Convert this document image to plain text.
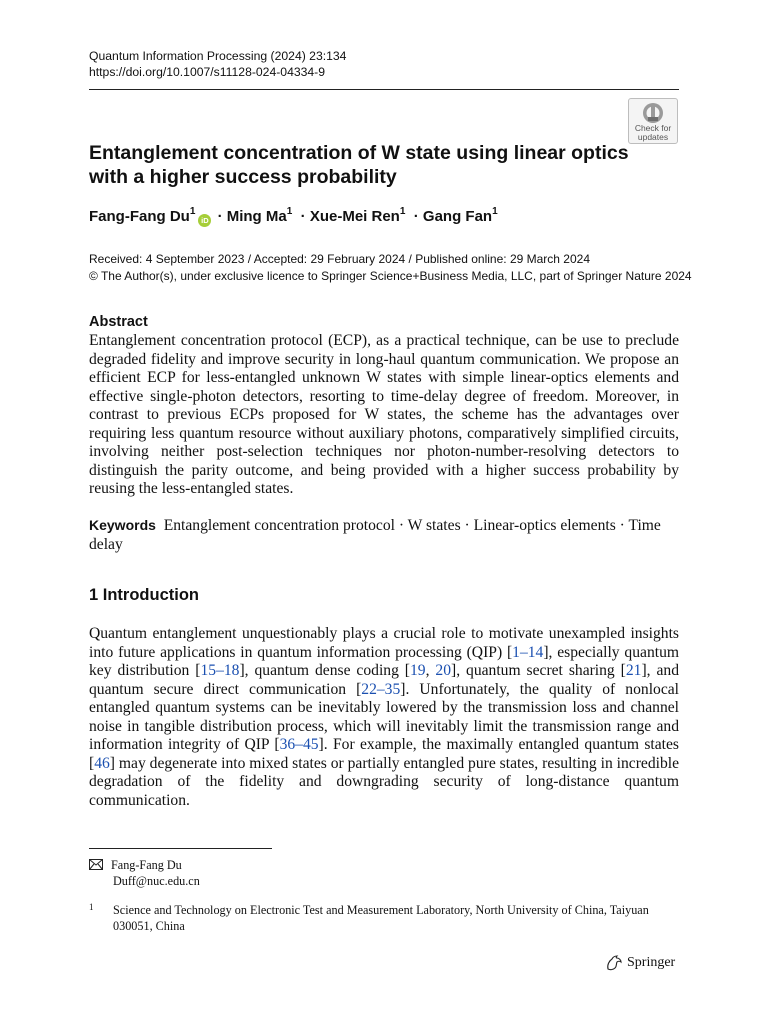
Quantum Information Processing (2024) 23:134
https://doi.org/10.1007/s11128-024-04334-9
Check for
updates
Entanglement concentration of W state using linear optics with a higher success probability
Fang-Fang $Du^1iD$ · Ming $Ma^1 \cdot Xue-Mei$ Ren$^1$ · Gang Fan$^1$
Received: 4 September 2023 / Accepted: 29 February 2024 / Published online: 29 March 2024
© The Author(s), under exclusive licence to Springer Science+Business Media, LLC, part of Springer Nature 2024
Abstract
Entanglement concentration protocol (ECP), as a practical technique, can be use to preclude degraded fidelity and improve security in long-haul quantum communication. We propose an efficient ECP for less-entangled unknown W states with simple linear-optics elements and effective single-photon detectors, resorting to time-delay degree of freedom. Moreover, in contrast to previous ECPs proposed for W states, the scheme has the advantages over requiring less quantum resource without auxiliary photons, comparatively simplified circuits, involving neither post-selection techniques nor photon-number-resolving detectors to distinguish the parity outcome, and being provided with a higher success probability by reusing the less-entangled states.
Keywords Entanglement concentration protocol · W states · Linear-optics elements · Time delay
1 Introduction
Quantum entanglement unquestionably plays a crucial role to motivate unexampled insights into future applications in quantum information processing (QIP) [1–14], especially quantum key distribution [15–18], quantum dense coding [19, 20], quantum secret sharing [21], and quantum secure direct communication [22–35]. Unfortunately, the quality of nonlocal entangled quantum systems can be inevitably lowered by the transmission loss and channel noise in tangible distribution process, which will inevitably limit the transmission range and information integrity of QIP [36–45]. For example, the maximally entangled quantum states [46] may degenerate into mixed states or partially entangled pure states, resulting in incredible degradation of the fidelity and downgrading security of long-distance quantum communication.
Fang-Fang Du
Duff@nuc.edu.cn
1 Science and Technology on Electronic Test and Measurement Laboratory, North University of China, Taiyuan 030051, China
Springer
